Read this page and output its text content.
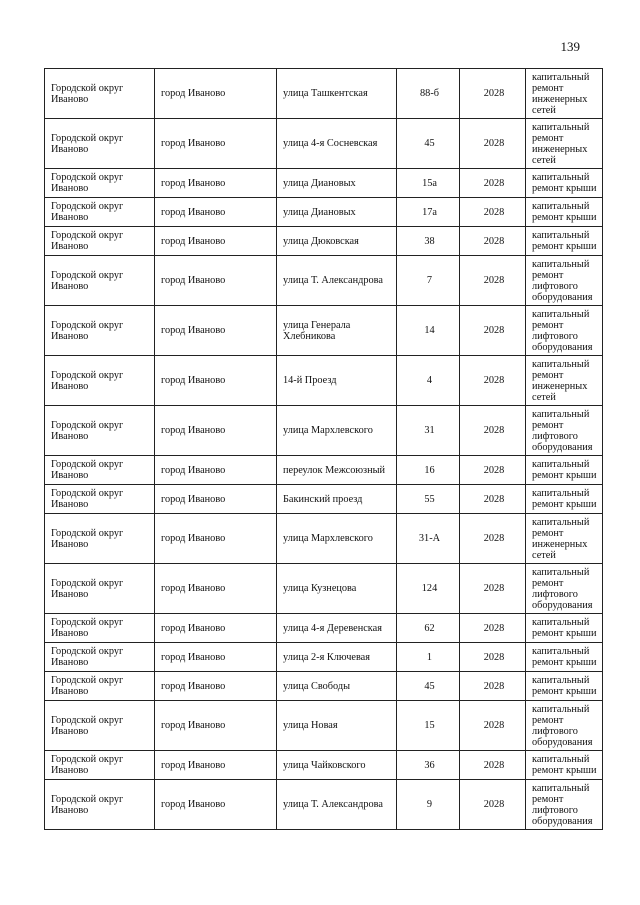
139
Городской округ Иваново	город Иваново	улица Ташкентская	88-б	2028	капитальный ремонт инженерных сетей
Городской округ Иваново	город Иваново	улица 4-я Сосневская	45	2028	капитальный ремонт инженерных сетей
Городской округ Иваново	город Иваново	улица Диановых	15а	2028	капитальный ремонт крыши
Городской округ Иваново	город Иваново	улица Диановых	17а	2028	капитальный ремонт крыши
Городской округ Иваново	город Иваново	улица Дюковская	38	2028	капитальный ремонт крыши
Городской округ Иваново	город Иваново	улица Т. Александрова	7	2028	капитальный ремонт лифтового оборудования
Городской округ Иваново	город Иваново	улица Генерала Хлебникова	14	2028	капитальный ремонт лифтового оборудования
Городской округ Иваново	город Иваново	14-й Проезд	4	2028	капитальный ремонт инженерных сетей
Городской округ Иваново	город Иваново	улица Мархлевского	31	2028	капитальный ремонт лифтового оборудования
Городской округ Иваново	город Иваново	переулок Межсоюзный	16	2028	капитальный ремонт крыши
Городской округ Иваново	город Иваново	Бакинский проезд	55	2028	капитальный ремонт крыши
Городской округ Иваново	город Иваново	улица Мархлевского	31-А	2028	капитальный ремонт инженерных сетей
Городской округ Иваново	город Иваново	улица Кузнецова	124	2028	капитальный ремонт лифтового оборудования
Городской округ Иваново	город Иваново	улица 4-я Деревенская	62	2028	капитальный ремонт крыши
Городской округ Иваново	город Иваново	улица 2-я Ключевая	1	2028	капитальный ремонт крыши
Городской округ Иваново	город Иваново	улица Свободы	45	2028	капитальный ремонт крыши
Городской округ Иваново	город Иваново	улица Новая	15	2028	капитальный ремонт лифтового оборудования
Городской округ Иваново	город Иваново	улица Чайковского	36	2028	капитальный ремонт крыши
Городской округ Иваново	город Иваново	улица Т. Александрова	9	2028	капитальный ремонт лифтового оборудования
